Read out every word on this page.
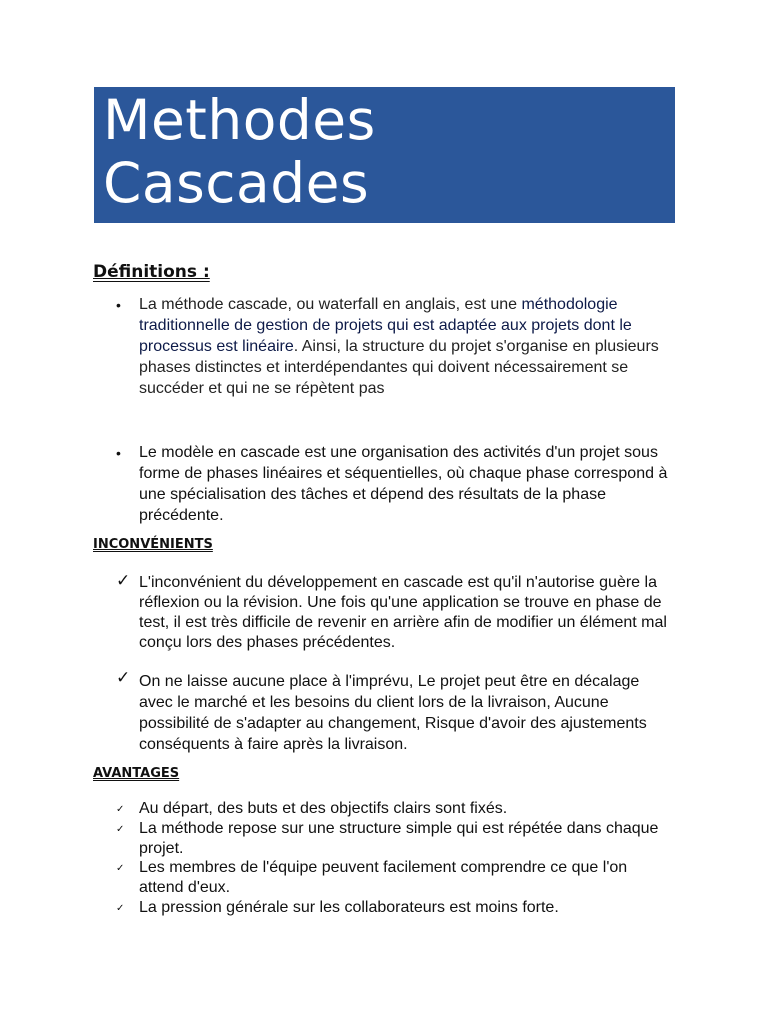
Methodes
Cascades
Définitions :
• La méthode cascade, ou waterfall en anglais, est une méthodologie traditionnelle de gestion de projets qui est adaptée aux projets dont le processus est linéaire. Ainsi, la structure du projet s'organise en plusieurs phases distinctes et interdépendantes qui doivent nécessairement se succéder et qui ne se répètent pas
• Le modèle en cascade est une organisation des activités d'un projet sous forme de phases linéaires et séquentielles, où chaque phase correspond à une spécialisation des tâches et dépend des résultats de la phase précédente.
INCONVÉNIENTS
✓ L'inconvénient du développement en cascade est qu'il n'autorise guère la réflexion ou la révision. Une fois qu'une application se trouve en phase de test, il est très difficile de revenir en arrière afin de modifier un élément mal conçu lors des phases précédentes.
✓ On ne laisse aucune place à l'imprévu, Le projet peut être en décalage avec le marché et les besoins du client lors de la livraison, Aucune possibilité de s'adapter au changement, Risque d'avoir des ajustements conséquents à faire après la livraison.
AVANTAGES
✓ Au départ, des buts et des objectifs clairs sont fixés.
✓ La méthode repose sur une structure simple qui est répétée dans chaque projet.
✓ Les membres de l'équipe peuvent facilement comprendre ce que l'on attend d'eux.
✓ La pression générale sur les collaborateurs est moins forte.
